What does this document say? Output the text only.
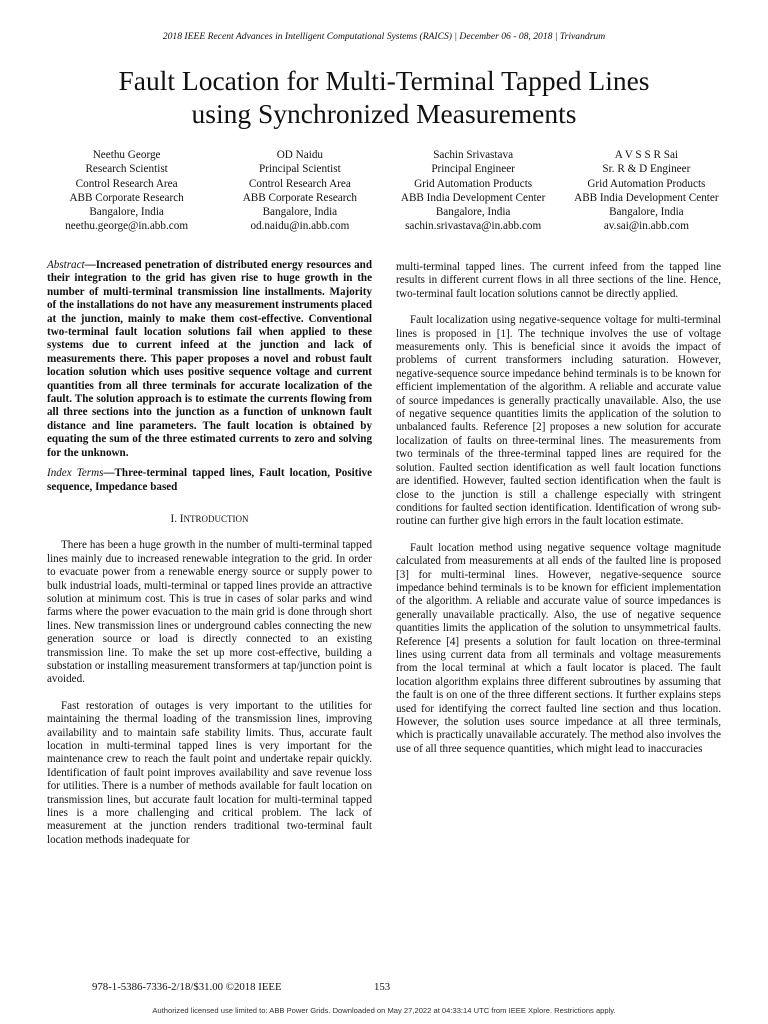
2018 IEEE Recent Advances in Intelligent Computational Systems (RAICS) | December 06 - 08, 2018 | Trivandrum
Fault Location for Multi-Terminal Tapped Lines
using Synchronized Measurements
Neethu George
Research Scientist
Control Research Area
ABB Corporate Research
Bangalore, India
neethu.george@in.abb.com
OD Naidu
Principal Scientist
Control Research Area
ABB Corporate Research
Bangalore, India
od.naidu@in.abb.com
Sachin Srivastava
Principal Engineer
Grid Automation Products
ABB India Development Center
Bangalore, India
sachin.srivastava@in.abb.com
A V S S R Sai
Sr. R & D Engineer
Grid Automation Products
ABB India Development Center
Bangalore, India
av.sai@in.abb.com

Abstract—Increased penetration of distributed energy resources and their integration to the grid has given rise to huge growth in the number of multi-terminal transmission line installments. Majority of the installations do not have any measurement instruments placed at the junction, mainly to make them cost-effective. Conventional two-terminal fault location solutions fail when applied to these systems due to current infeed at the junction and lack of measurements there. This paper proposes a novel and robust fault location solution which uses positive sequence voltage and current quantities from all three terminals for accurate localization of the fault. The solution approach is to estimate the currents flowing from all three sections into the junction as a function of unknown fault distance and line parameters. The fault location is obtained by equating the sum of the three estimated currents to zero and solving for the unknown.

Index Terms—Three-terminal tapped lines, Fault location, Positive sequence, Impedance based

I. INTRODUCTION

There has been a huge growth in the number of multi-terminal tapped lines mainly due to increased renewable integration to the grid. In order to evacuate power from a renewable energy source or supply power to bulk industrial loads, multi-terminal or tapped lines provide an attractive solution at minimum cost. This is true in cases of solar parks and wind farms where the power evacuation to the main grid is done through short lines. New transmission lines or underground cables connecting the new generation source or load is directly connected to an existing transmission line. To make the set up more cost-effective, building a substation or installing measurement transformers at tap/junction point is avoided.

Fast restoration of outages is very important to the utilities for maintaining the thermal loading of the transmission lines, improving availability and to maintain safe stability limits. Thus, accurate fault location in multi-terminal tapped lines is very important for the maintenance crew to reach the fault point and undertake repair quickly. Identification of fault point improves availability and save revenue loss for utilities. There is a number of methods available for fault location on transmission lines, but accurate fault location for multi-terminal tapped lines is a more challenging and critical problem. The lack of measurement at the junction renders traditional two-terminal fault location methods inadequate for

multi-terminal tapped lines. The current infeed from the tapped line results in different current flows in all three sections of the line. Hence, two-terminal fault location solutions cannot be directly applied.

Fault localization using negative-sequence voltage for multi-terminal lines is proposed in [1]. The technique involves the use of voltage measurements only. This is beneficial since it avoids the impact of problems of current transformers including saturation. However, negative-sequence source impedance behind terminals is to be known for efficient implementation of the algorithm. A reliable and accurate value of source impedances is generally practically unavailable. Also, the use of negative sequence quantities limits the application of the solution to unbalanced faults. Reference [2] proposes a new solution for accurate localization of faults on three-terminal lines. The measurements from two terminals of the three-terminal tapped lines are required for the solution. Faulted section identification as well fault location functions are identified. However, faulted section identification when the fault is close to the junction is still a challenge especially with stringent conditions for faulted section identification. Identification of wrong sub-routine can further give high errors in the fault location estimate.

Fault location method using negative sequence voltage magnitude calculated from measurements at all ends of the faulted line is proposed [3] for multi-terminal lines. However, negative-sequence source impedance behind terminals is to be known for efficient implementation of the algorithm. A reliable and accurate value of source impedances is generally unavailable practically. Also, the use of negative sequence quantities limits the application of the solution to unsymmetrical faults. Reference [4] presents a solution for fault location on three-terminal lines using current data from all terminals and voltage measurements from the local terminal at which a fault locator is placed. The fault location algorithm explains three different subroutines by assuming that the fault is on one of the three different sections. It further explains steps used for identifying the correct faulted line section and thus location. However, the solution uses source impedance at all three terminals, which is practically unavailable accurately. The method also involves the use of all three sequence quantities, which might lead to inaccuracies

978-1-5386-7336-2/18/$31.00 ©2018 IEEE	153
Authorized licensed use limited to: ABB Power Grids. Downloaded on May 27,2022 at 04:33:14 UTC from IEEE Xplore. Restrictions apply.
